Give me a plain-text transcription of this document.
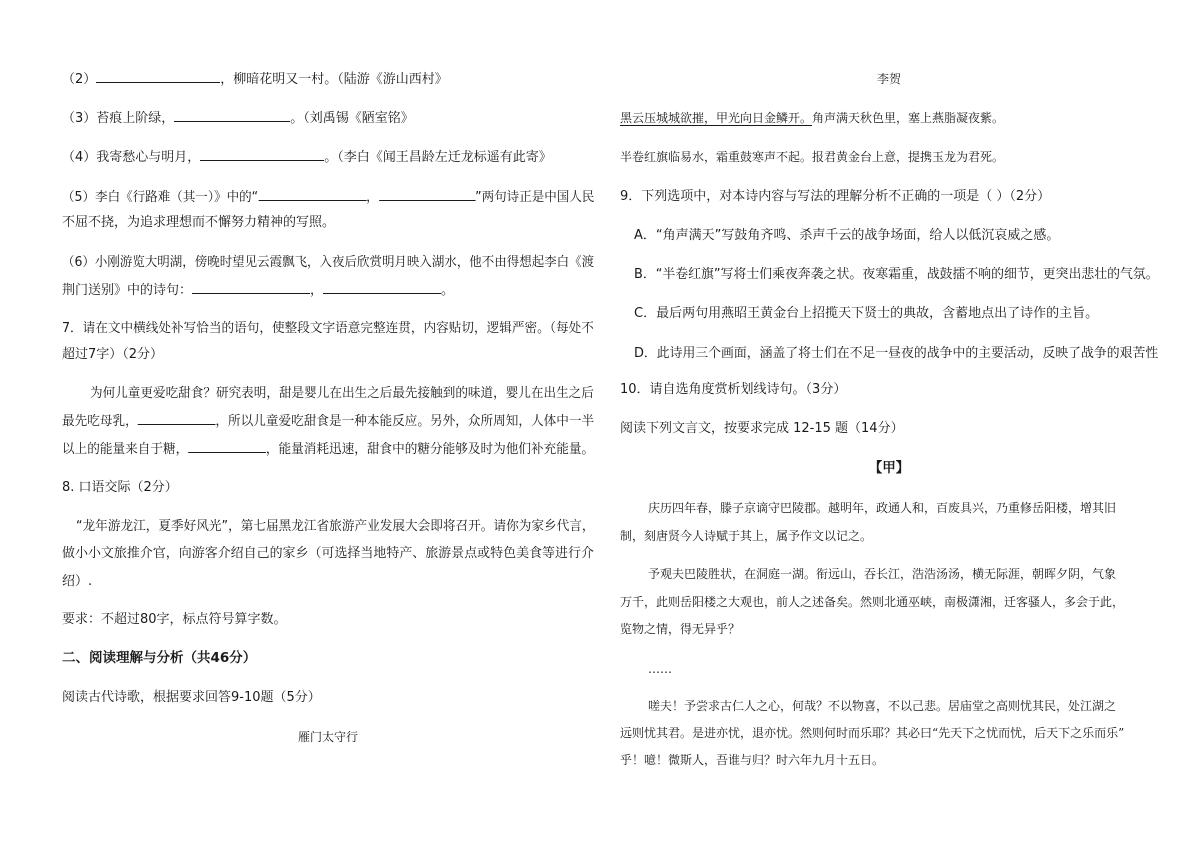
（2）	，柳暗花明又一村。（陆游《游山西村》
（3）苔痕上阶绿，	。（刘禹锡《陋室铭》
（4）我寄愁心与明月，	。（李白《闻王昌龄左迁龙标遥有此寄》
（5）李白《行路难（其一）》中的“	，	”两句诗正是中国人民
不屈不挠，为追求理想而不懈努力精神的写照。
（6）小刚游览大明湖，傍晚时望见云霞飘飞，入夜后欣赏明月映入湖水，他不由得想起李白《渡
荆门送别》中的诗句：	，	。
7．请在文中横线处补写恰当的语句，使整段文字语意完整连贯，内容贴切，逻辑严密。（每处不
超过7字）（2分）
为何儿童更爱吃甜食？研究表明，甜是婴儿在出生之后最先接触到的味道，婴儿在出生之后
最先吃母乳，	，所以儿童爱吃甜食是一种本能反应。另外，众所周知，人体中一半
以上的能量来自于糖，	，能量消耗迅速，甜食中的糖分能够及时为他们补充能量。
8. 口语交际（2分）
“龙年游龙江，夏季好风光”，第七届黑龙江省旅游产业发展大会即将召开。请你为家乡代言，
做小小文旅推介官，向游客介绍自己的家乡（可选择当地特产、旅游景点或特色美食等进行介
绍）.
要求：不超过80字，标点符号算字数。
二、阅读理解与分析（共46分）
阅读古代诗歌，根据要求回答9-10题（5分）
雁门太守行
李贺
黑云压城城欲摧，甲光向日金鳞开。角声满天秋色里，塞上燕脂凝夜紫。
半卷红旗临易水，霜重鼓寒声不起。报君黄金台上意，提携玉龙为君死。
9．下列选项中，对本诗内容与写法的理解分析不正确的一项是（ ）（2分）
A．“角声满天”写鼓角齐鸣、杀声千云的战争场面，给人以低沉哀威之感。
B．“半卷红旗”写将士们乘夜奔袭之状。夜寒霜重，战鼓擂不响的细节，更突出悲壮的气氛。
C．最后两句用燕昭王黄金台上招揽天下贤士的典故，含蓄地点出了诗作的主旨。
D．此诗用三个画面，涵盖了将士们在不足一昼夜的战争中的主要活动，反映了战争的艰苦性
10．请自选角度赏析划线诗句。（3分）
阅读下列文言文，按要求完成 12-15 题（14分）
【甲】
庆历四年春，滕子京谪守巴陵郡。越明年，政通人和，百废具兴，乃重修岳阳楼，增其旧
制，刻唐贤今人诗赋于其上，属予作文以记之。
予观夫巴陵胜状，在洞庭一湖。衔远山，吞长江，浩浩汤汤，横无际涯，朝晖夕阴，气象
万千，此则岳阳楼之大观也，前人之述备矣。然则北通巫峡，南极潇湘，迁客骚人，多会于此，
览物之情，得无异乎？
……
嗟夫！予尝求古仁人之心，何哉？不以物喜，不以己悲。居庙堂之高则忧其民，处江湖之
远则忧其君。是进亦忧，退亦忧。然则何时而乐耶？其必曰“先天下之忧而忧，后天下之乐而乐”
乎！噫！微斯人，吾谁与归？时六年九月十五日。
